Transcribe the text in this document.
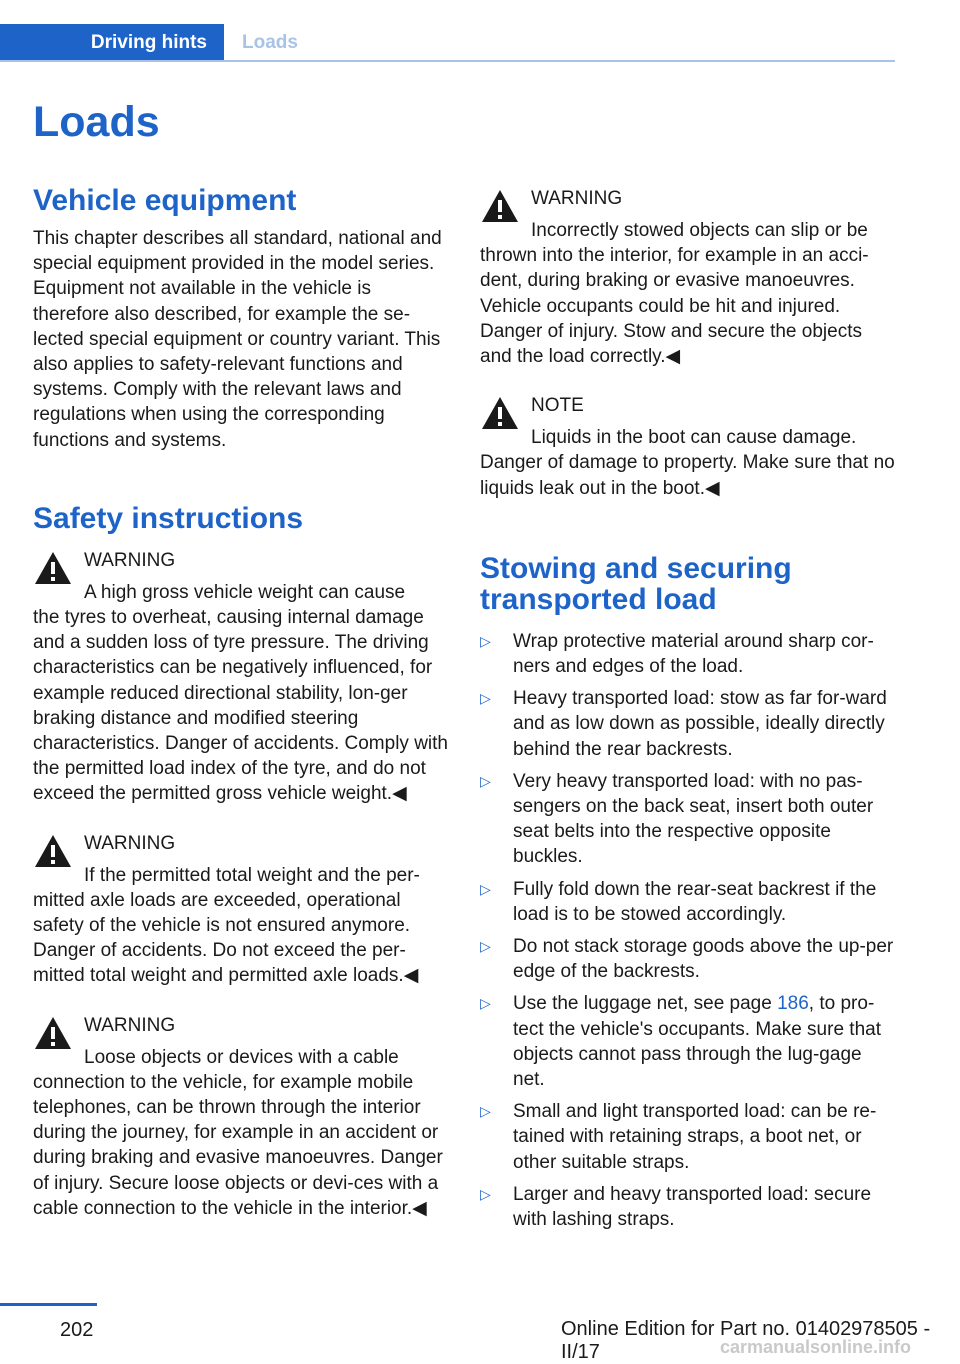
Driving hints Loads
Loads
Vehicle equipment

This chapter describes all standard, national and special equipment provided in the model series. Equipment not available in the vehicle is therefore also described, for example the se-lected special equipment or country variant. This also applies to safety-relevant functions and systems. Comply with the relevant laws and regulations when using the corresponding functions and systems.

Safety instructions
WARNING
A high gross vehicle weight can cause

the tyres to overheat, causing internal damage and a sudden loss of tyre pressure. The driving characteristics can be negatively influenced, for example reduced directional stability, lon-ger braking distance and modified steering characteristics. Danger of accidents. Comply with the permitted load index of the tyre, and do not exceed the permitted gross vehicle weight.◀

WARNING
If the permitted total weight and the per-

mitted axle loads are exceeded, operational safety of the vehicle is not ensured anymore. Danger of accidents. Do not exceed the per-mitted total weight and permitted axle loads.◀

WARNING
Loose objects or devices with a cable

connection to the vehicle, for example mobile telephones, can be thrown through the interior during the journey, for example in an accident or during braking and evasive manoeuvres. Danger of injury. Secure loose objects or devi-ces with a cable connection to the vehicle in the interior.◀

WARNING
Incorrectly stowed objects can slip or be

thrown into the interior, for example in an acci-dent, during braking or evasive manoeuvres. Vehicle occupants could be hit and injured. Danger of injury. Stow and secure the objects and the load correctly.◀

NOTE
Liquids in the boot can cause damage.

Danger of damage to property. Make sure that no liquids leak out in the boot.◀

Stowing and securing transported load
▷ Wrap protective material around sharp cor-ners and edges of the load.
▷ Heavy transported load: stow as far for-ward and as low down as possible, ideally directly behind the rear backrests.
▷ Very heavy transported load: with no pas-sengers on the back seat, insert both outer seat belts into the respective opposite buckles.
▷ Fully fold down the rear-seat backrest if the load is to be stowed accordingly.
▷ Do not stack storage goods above the up-per edge of the backrests.
▷ Use the luggage net, see page 186, to pro-tect the vehicle's occupants. Make sure that objects cannot pass through the lug-gage net.
▷ Small and light transported load: can be re-tained with retaining straps, a boot net, or other suitable straps.
▷ Larger and heavy transported load: secure with lashing straps.
202	Online Edition for Part no. 01402978505 - II/17	carmanualsonline.info
